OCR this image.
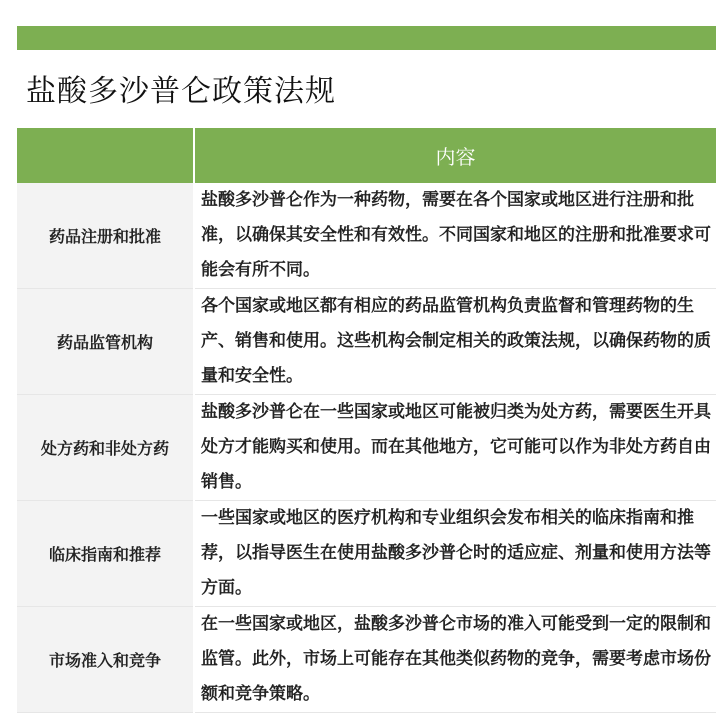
盐酸多沙普仑政策法规
	内容
药品注册和批准	盐酸多沙普仑作为一种药物，需要在各个国家或地区进行注册和批准，以确保其安全性和有效性。不同国家和地区的注册和批准要求可能会有所不同。
药品监管机构	各个国家或地区都有相应的药品监管机构负责监督和管理药物的生产、销售和使用。这些机构会制定相关的政策法规，以确保药物的质量和安全性。
处方药和非处方药	盐酸多沙普仑在一些国家或地区可能被归类为处方药，需要医生开具处方才能购买和使用。而在其他地方，它可能可以作为非处方药自由销售。
临床指南和推荐	一些国家或地区的医疗机构和专业组织会发布相关的临床指南和推荐，以指导医生在使用盐酸多沙普仑时的适应症、剂量和使用方法等方面。
市场准入和竞争	在一些国家或地区，盐酸多沙普仑市场的准入可能受到一定的限制和监管。此外，市场上可能存在其他类似药物的竞争，需要考虑市场份额和竞争策略。
